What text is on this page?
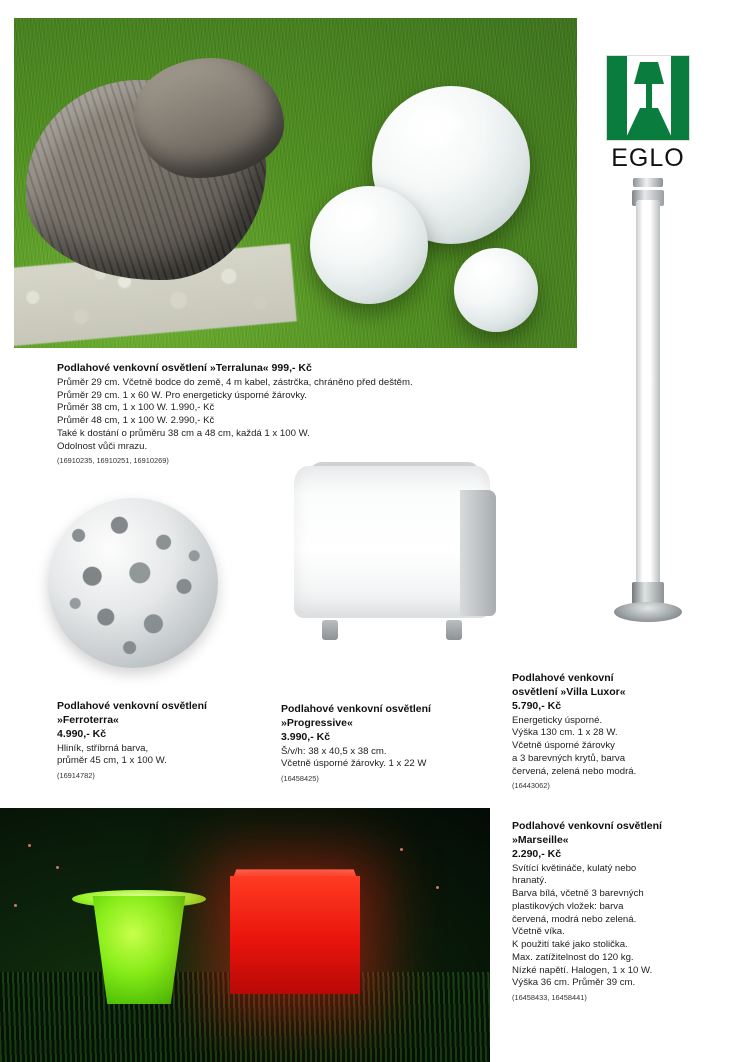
EGLO
Podlahové venkovní osvětlení »Terraluna« 999,- Kč
Průměr 29 cm. Včetně bodce do země, 4 m kabel, zástrčka, chráněno před deštěm.
Průměr 29 cm. 1 x 60 W. Pro energeticky úsporné žárovky.
Průměr 38 cm, 1 x 100 W. 1.990,- Kč
Průměr 48 cm, 1 x 100 W. 2.990,- Kč
Také k dostání o průměru 38 cm a 48 cm, každá 1 x 100 W.
Odolnost vůči mrazu.
(16910235, 16910251, 16910269)
Podlahové venkovní osvětlení
»Ferroterra«
4.990,- Kč
Hliník, stříbrná barva,
průměr 45 cm, 1 x 100 W.
(16914782)
Podlahové venkovní osvětlení
»Progressive«
3.990,- Kč
Š/v/h: 38 x 40,5 x 38 cm.
Včetně úsporné žárovky. 1 x 22 W
(16458425)
Podlahové venkovní
osvětlení »Villa Luxor«
5.790,- Kč
Energeticky úsporné.
Výška 130 cm. 1 x 28 W.
Včetně úsporné žárovky
a 3 barevných krytů, barva
červená, zelená nebo modrá.
(16443062)
Podlahové venkovní osvětlení
»Marseille«
2.290,- Kč
Svítící květináče, kulatý nebo
hranatý.
Barva bílá, včetně 3 barevných
plastikových vložek: barva
červená, modrá nebo zelená.
Včetně víka.
K použití také jako stolička.
Max. zatížitelnost do 120 kg.
Nízké napětí. Halogen, 1 x 10 W.
Výška 36 cm. Průměr 39 cm.
(16458433, 16458441)
